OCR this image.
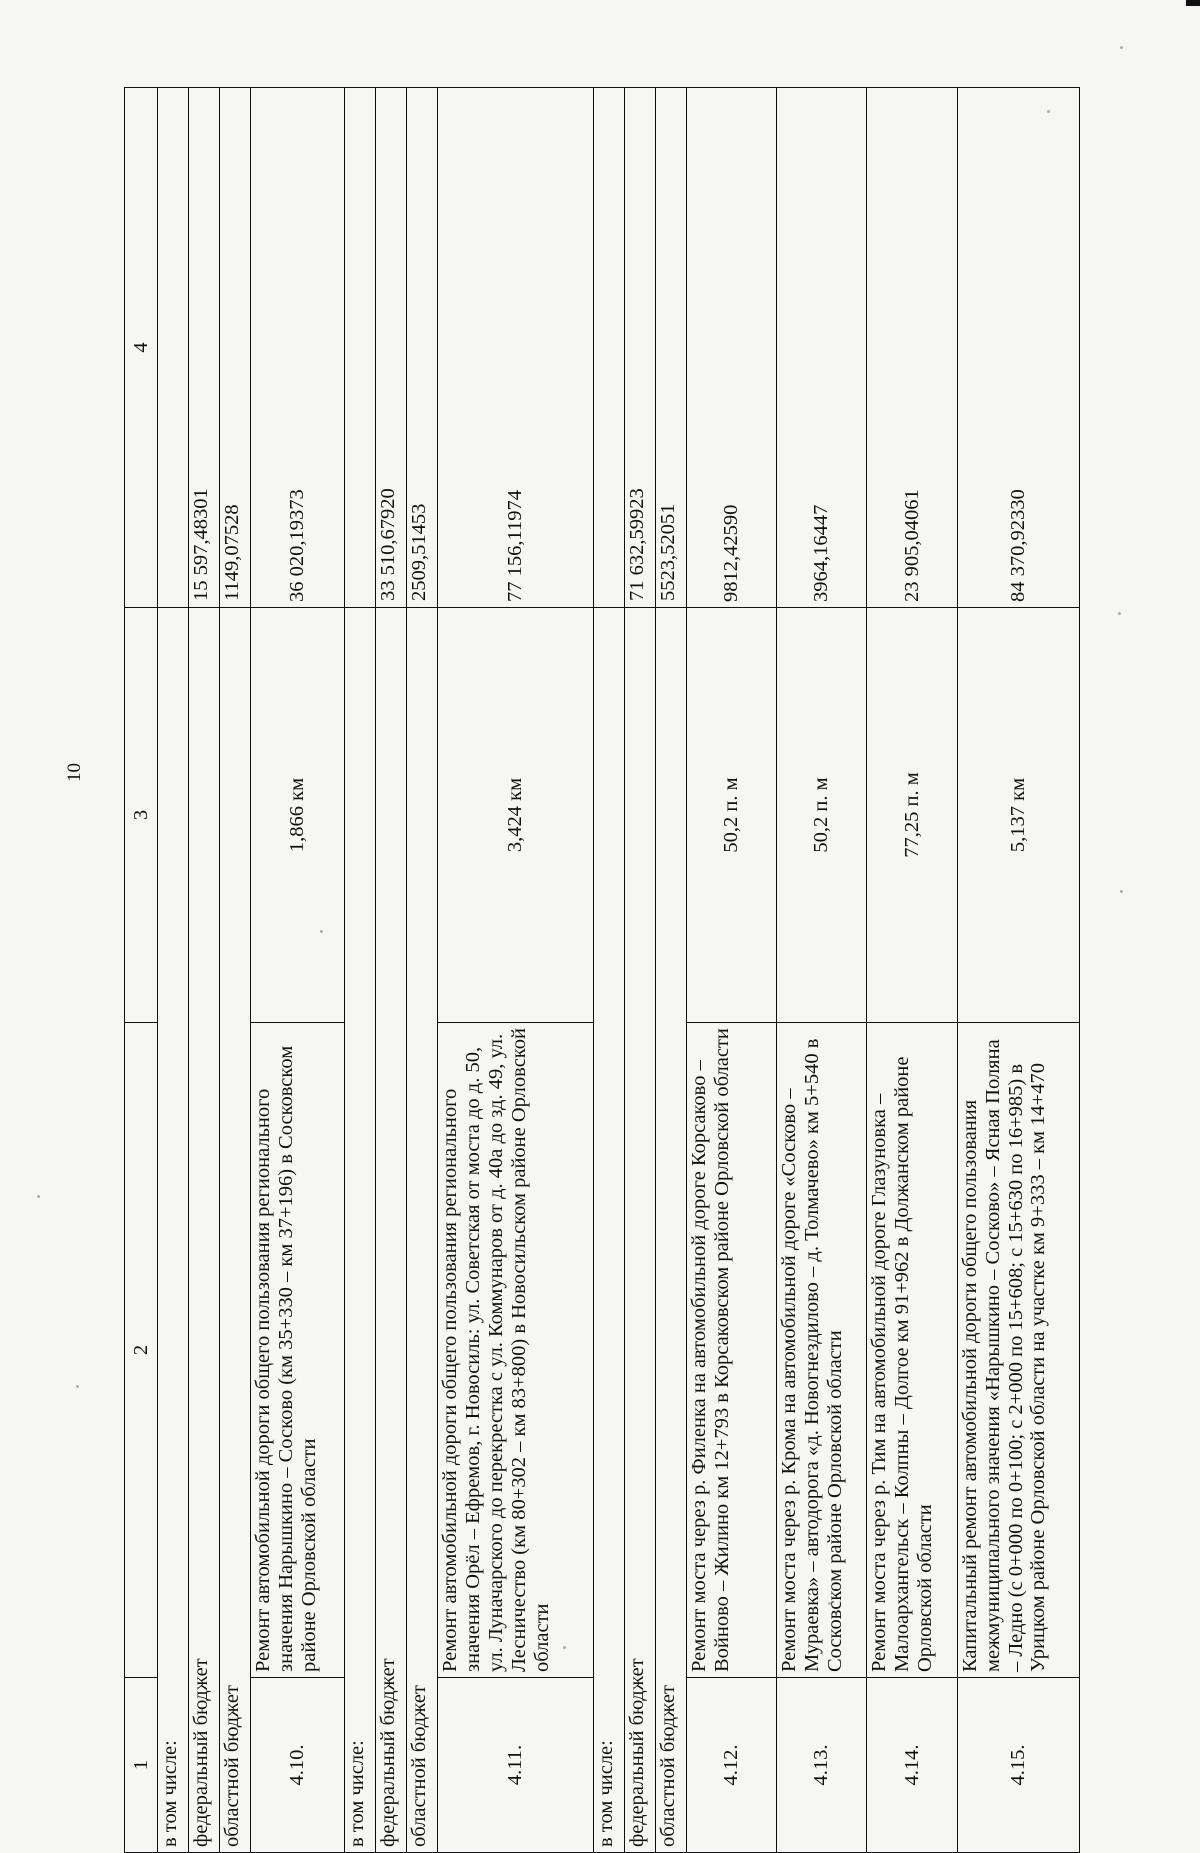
10
1	2	3	4
в том числе:			
федеральный бюджет			15 597,48301
областной бюджет			1149,07528
4.10.	Ремонт автомобильной дороги общего пользования регионального значения Нарышкино – Сосково (км 35+330 – км 37+196) в Сосковском районе Орловской области	1,866 км	36 020,19373
в том числе:			
федеральный бюджет			33 510,67920
областной бюджет			2509,51453
4.11.	Ремонт автомобильной дороги общего пользования регионального значения Орёл – Ефремов, г. Новосиль: ул. Советская от моста до д. 50, ул. Луначарского до перекрестка с ул. Коммунаров от д. 40а до зд. 49, ул. Лесничество (км 80+302 – км 83+800) в Новосильском районе Орловской области	3,424 км	77 156,11974
в том числе:			
федеральный бюджет			71 632,59923
областной бюджет			5523,52051
4.12.	Ремонт моста через р. Филенка на автомобильной дороге Корсаково – Войново – Жилино км 12+793 в Корсаковском районе Орловской области	50,2 п. м	9812,42590
4.13.	Ремонт моста через р. Крома на автомобильной дороге «Сосково – Мураевка» – автодорога «д. Новогнездилово – д. Толмачево» км 5+540 в Сосковском районе Орловской области	50,2 п. м	3964,16447
4.14.	Ремонт моста через р. Тим на автомобильной дороге Глазуновка – Малоархангельск – Колпны – Долгое км 91+962 в Должанском районе Орловской области	77,25 п. м	23 905,04061
4.15.	Капитальный ремонт автомобильной дороги общего пользования межмуниципального значения «Нарышкино – Сосково» – Ясная Поляна – Ледно (с 0+000 по 0+100; с 2+000 по 15+608; с 15+630 по 16+985) в Урицком районе Орловской области на участке км 9+333 – км 14+470	5,137 км	84 370,92330
